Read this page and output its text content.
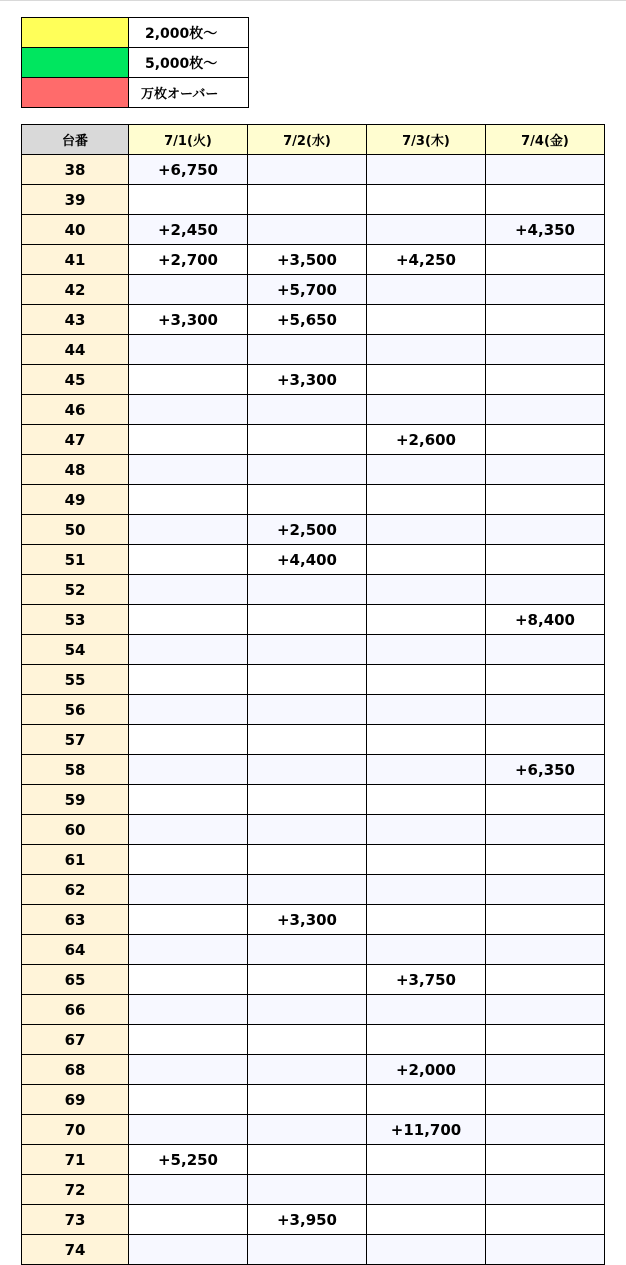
	2,000枚～
	5,000枚～
	万枚オーバー
台番	7/1(火)	7/2(水)	7/3(木)	7/4(金)
38	+6,750			
39				
40	+2,450			+4,350
41	+2,700	+3,500	+4,250	
42		+5,700		
43	+3,300	+5,650		
44				
45		+3,300		
46				
47			+2,600	
48				
49				
50		+2,500		
51		+4,400		
52				
53				+8,400
54				
55				
56				
57				
58				+6,350
59				
60				
61				
62				
63		+3,300		
64				
65			+3,750	
66				
67				
68			+2,000	
69				
70			+11,700	
71	+5,250			
72				
73		+3,950		
74				
